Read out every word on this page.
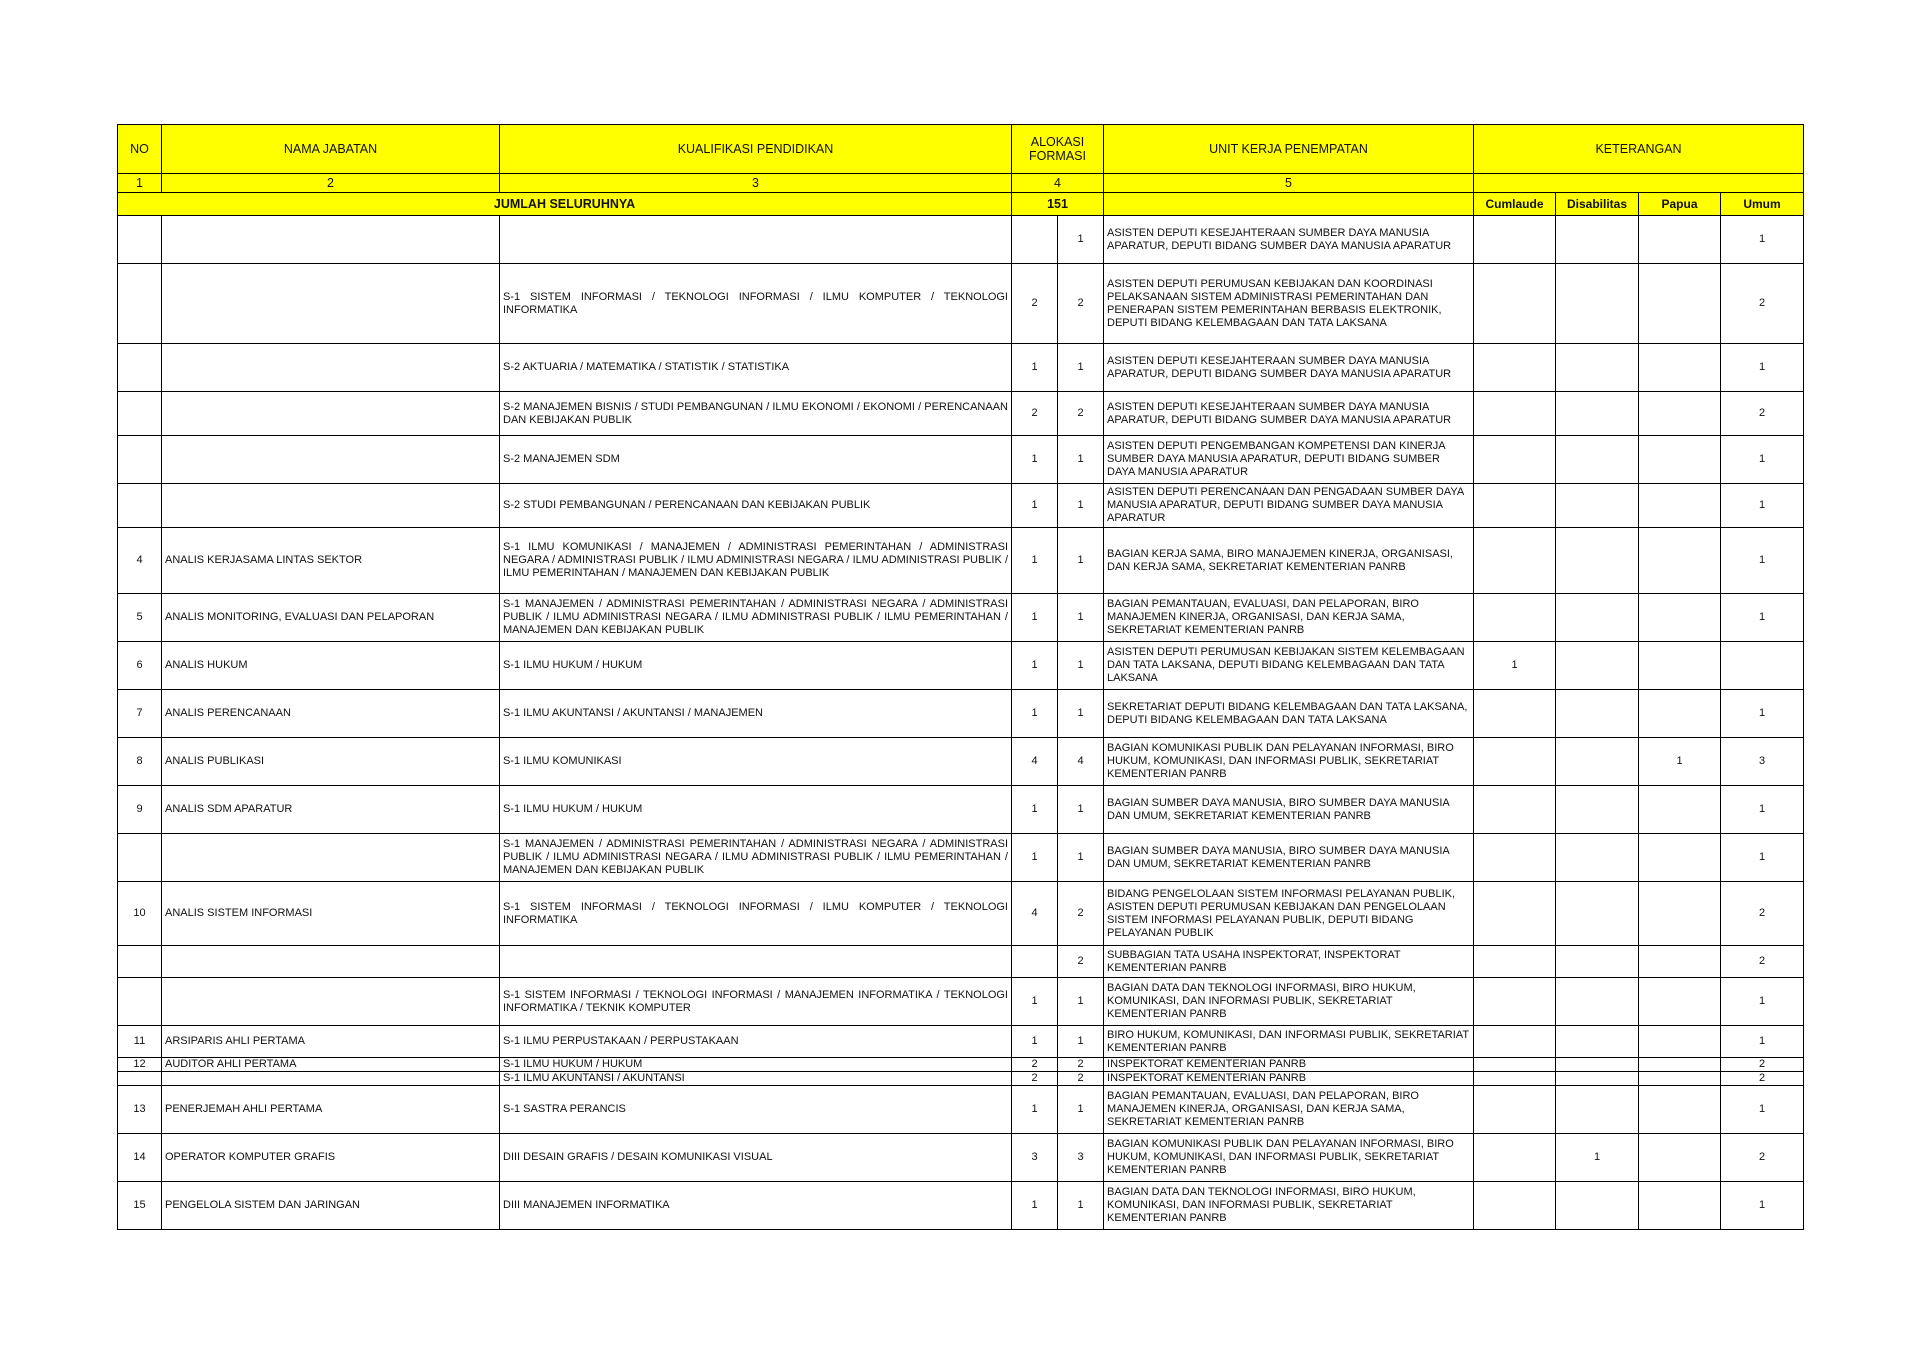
NO	NAMA JABATAN	KUALIFIKASI PENDIDIKAN	ALOKASI FORMASI		UNIT KERJA PENEMPATAN	KETERANGAN			
1	2	3	4		5				
JUMLAH SELURUHNYA			151			Cumlaude	Disabilitas	Papua	Umum
				1	ASISTEN DEPUTI KESEJAHTERAAN SUMBER DAYA MANUSIA APARATUR, DEPUTI BIDANG SUMBER DAYA MANUSIA APARATUR				1
		S-1 SISTEM INFORMASI / TEKNOLOGI INFORMASI / ILMU KOMPUTER / TEKNOLOGI INFORMATIKA	2	2	ASISTEN DEPUTI PERUMUSAN KEBIJAKAN DAN KOORDINASI PELAKSANAAN SISTEM ADMINISTRASI PEMERINTAHAN DAN PENERAPAN SISTEM PEMERINTAHAN BERBASIS ELEKTRONIK, DEPUTI BIDANG KELEMBAGAAN DAN TATA LAKSANA				2
		S-2 AKTUARIA / MATEMATIKA / STATISTIK / STATISTIKA	1	1	ASISTEN DEPUTI KESEJAHTERAAN SUMBER DAYA MANUSIA APARATUR, DEPUTI BIDANG SUMBER DAYA MANUSIA APARATUR				1
		S-2 MANAJEMEN BISNIS / STUDI PEMBANGUNAN / ILMU EKONOMI / EKONOMI / PERENCANAAN DAN KEBIJAKAN PUBLIK	2	2	ASISTEN DEPUTI KESEJAHTERAAN SUMBER DAYA MANUSIA APARATUR, DEPUTI BIDANG SUMBER DAYA MANUSIA APARATUR				2
		S-2 MANAJEMEN SDM	1	1	ASISTEN DEPUTI PENGEMBANGAN KOMPETENSI DAN KINERJA SUMBER DAYA MANUSIA APARATUR, DEPUTI BIDANG SUMBER DAYA MANUSIA APARATUR				1
		S-2 STUDI PEMBANGUNAN / PERENCANAAN DAN KEBIJAKAN PUBLIK	1	1	ASISTEN DEPUTI PERENCANAAN DAN PENGADAAN SUMBER DAYA MANUSIA APARATUR, DEPUTI BIDANG SUMBER DAYA MANUSIA APARATUR				1
4	ANALIS KERJASAMA LINTAS SEKTOR	S-1 ILMU KOMUNIKASI / MANAJEMEN / ADMINISTRASI PEMERINTAHAN / ADMINISTRASI NEGARA / ADMINISTRASI PUBLIK / ILMU ADMINISTRASI NEGARA / ILMU ADMINISTRASI PUBLIK / ILMU PEMERINTAHAN / MANAJEMEN DAN KEBIJAKAN PUBLIK	1	1	BAGIAN KERJA SAMA, BIRO MANAJEMEN KINERJA, ORGANISASI, DAN KERJA SAMA, SEKRETARIAT KEMENTERIAN PANRB				1
5	ANALIS MONITORING, EVALUASI DAN PELAPORAN	S-1 MANAJEMEN / ADMINISTRASI PEMERINTAHAN / ADMINISTRASI NEGARA / ADMINISTRASI PUBLIK / ILMU ADMINISTRASI NEGARA / ILMU ADMINISTRASI PUBLIK / ILMU PEMERINTAHAN / MANAJEMEN DAN KEBIJAKAN PUBLIK	1	1	BAGIAN PEMANTAUAN, EVALUASI, DAN PELAPORAN, BIRO MANAJEMEN KINERJA, ORGANISASI, DAN KERJA SAMA, SEKRETARIAT KEMENTERIAN PANRB				1
6	ANALIS HUKUM	S-1 ILMU HUKUM / HUKUM	1	1	ASISTEN DEPUTI PERUMUSAN KEBIJAKAN SISTEM KELEMBAGAAN DAN TATA LAKSANA, DEPUTI BIDANG KELEMBAGAAN DAN TATA LAKSANA	1			
7	ANALIS PERENCANAAN	S-1 ILMU AKUNTANSI / AKUNTANSI / MANAJEMEN	1	1	SEKRETARIAT DEPUTI BIDANG KELEMBAGAAN DAN TATA LAKSANA, DEPUTI BIDANG KELEMBAGAAN DAN TATA LAKSANA				1
8	ANALIS PUBLIKASI	S-1 ILMU KOMUNIKASI	4	4	BAGIAN KOMUNIKASI PUBLIK DAN PELAYANAN INFORMASI, BIRO HUKUM, KOMUNIKASI, DAN INFORMASI PUBLIK, SEKRETARIAT KEMENTERIAN PANRB			1	3
9	ANALIS SDM APARATUR	S-1 ILMU HUKUM / HUKUM	1	1	BAGIAN SUMBER DAYA MANUSIA, BIRO SUMBER DAYA MANUSIA DAN UMUM, SEKRETARIAT KEMENTERIAN PANRB				1
		S-1 MANAJEMEN / ADMINISTRASI PEMERINTAHAN / ADMINISTRASI NEGARA / ADMINISTRASI PUBLIK / ILMU ADMINISTRASI NEGARA / ILMU ADMINISTRASI PUBLIK / ILMU PEMERINTAHAN / MANAJEMEN DAN KEBIJAKAN PUBLIK	1	1	BAGIAN SUMBER DAYA MANUSIA, BIRO SUMBER DAYA MANUSIA DAN UMUM, SEKRETARIAT KEMENTERIAN PANRB				1
10	ANALIS SISTEM INFORMASI	S-1 SISTEM INFORMASI / TEKNOLOGI INFORMASI / ILMU KOMPUTER / TEKNOLOGI INFORMATIKA	4	2	BIDANG PENGELOLAAN SISTEM INFORMASI PELAYANAN PUBLIK, ASISTEN DEPUTI PERUMUSAN KEBIJAKAN DAN PENGELOLAAN SISTEM INFORMASI PELAYANAN PUBLIK, DEPUTI BIDANG PELAYANAN PUBLIK				2
				2	SUBBAGIAN TATA USAHA INSPEKTORAT, INSPEKTORAT KEMENTERIAN PANRB				2
		S-1 SISTEM INFORMASI / TEKNOLOGI INFORMASI / MANAJEMEN INFORMATIKA / TEKNOLOGI INFORMATIKA / TEKNIK KOMPUTER	1	1	BAGIAN DATA DAN TEKNOLOGI INFORMASI, BIRO HUKUM, KOMUNIKASI, DAN INFORMASI PUBLIK, SEKRETARIAT KEMENTERIAN PANRB				1
11	ARSIPARIS AHLI PERTAMA	S-1 ILMU PERPUSTAKAAN / PERPUSTAKAAN	1	1	BIRO HUKUM, KOMUNIKASI, DAN INFORMASI PUBLIK, SEKRETARIAT KEMENTERIAN PANRB				1
12	AUDITOR AHLI PERTAMA	S-1 ILMU HUKUM / HUKUM	2	2	INSPEKTORAT KEMENTERIAN PANRB				2
		S-1 ILMU AKUNTANSI / AKUNTANSI	2	2	INSPEKTORAT KEMENTERIAN PANRB				2
13	PENERJEMAH AHLI PERTAMA	S-1 SASTRA PERANCIS	1	1	BAGIAN PEMANTAUAN, EVALUASI, DAN PELAPORAN, BIRO MANAJEMEN KINERJA, ORGANISASI, DAN KERJA SAMA, SEKRETARIAT KEMENTERIAN PANRB				1
14	OPERATOR KOMPUTER GRAFIS	DIII DESAIN GRAFIS / DESAIN KOMUNIKASI VISUAL	3	3	BAGIAN KOMUNIKASI PUBLIK DAN PELAYANAN INFORMASI, BIRO HUKUM, KOMUNIKASI, DAN INFORMASI PUBLIK, SEKRETARIAT KEMENTERIAN PANRB		1		2
15	PENGELOLA SISTEM DAN JARINGAN	DIII MANAJEMEN INFORMATIKA	1	1	BAGIAN DATA DAN TEKNOLOGI INFORMASI, BIRO HUKUM, KOMUNIKASI, DAN INFORMASI PUBLIK, SEKRETARIAT KEMENTERIAN PANRB				1
